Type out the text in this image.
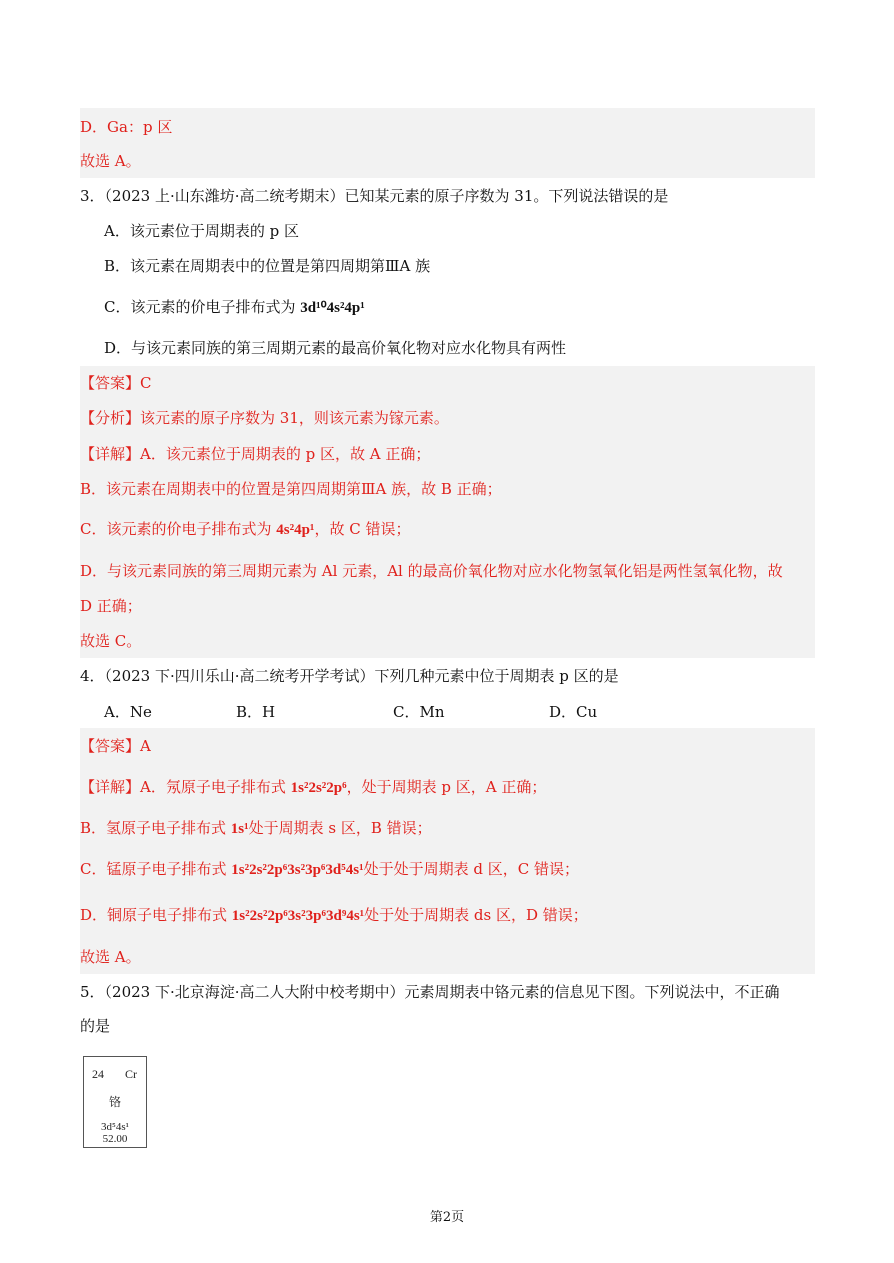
D．Ga：p 区
故选 A。
3．（2023 上·山东潍坊·高二统考期末）已知某元素的原子序数为 31。下列说法错误的是
A．该元素位于周期表的 p 区
B．该元素在周期表中的位置是第四周期第ⅢA 族
C．该元素的价电子排布式为 3d¹⁰4s²4p¹
D．与该元素同族的第三周期元素的最高价氧化物对应水化物具有两性
【答案】C
【分析】该元素的原子序数为 31，则该元素为镓元素。
【详解】A．该元素位于周期表的 p 区，故 A 正确；
B．该元素在周期表中的位置是第四周期第ⅢA 族，故 B 正确；
C．该元素的价电子排布式为 4s²4p¹，故 C 错误；
D．与该元素同族的第三周期元素为 Al 元素，Al 的最高价氧化物对应水化物氢氧化铝是两性氢氧化物，故
D 正确；
故选 C。
4．（2023 下·四川乐山·高二统考开学考试）下列几种元素中位于周期表 p 区的是
A．Ne	B．H	C．Mn	D．Cu
【答案】A
【详解】A．氖原子电子排布式 1s²2s²2p⁶，处于周期表 p 区，A 正确；
B．氢原子电子排布式 1s¹处于周期表 s 区，B 错误；
C．锰原子电子排布式 1s²2s²2p⁶3s²3p⁶3d⁵4s¹处于处于周期表 d 区，C 错误；
D．铜原子电子排布式 1s²2s²2p⁶3s²3p⁶3d⁹4s¹处于处于周期表 ds 区，D 错误；
故选 A。
5．（2023 下·北京海淀·高二人大附中校考期中）元素周期表中铬元素的信息见下图。下列说法中，不正确
的是
24 Cr
铬
3d⁵4s¹
52.00
第2页
